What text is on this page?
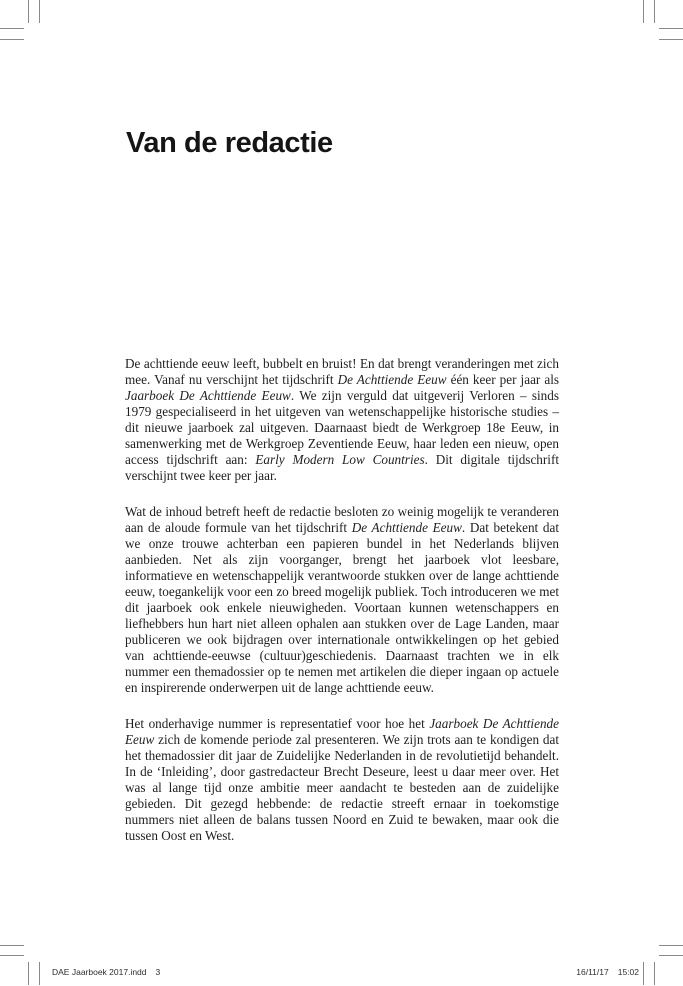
Van de redactie

De achttiende eeuw leeft, bubbelt en bruist! En dat brengt veranderingen met zich mee. Vanaf nu verschijnt het tijdschrift De Achttiende Eeuw één keer per jaar als Jaarboek De Achttiende Eeuw. We zijn verguld dat uitgeverij Verloren – sinds 1979 gespecialiseerd in het uitgeven van wetenschappelijke historische studies – dit nieuwe jaarboek zal uitgeven. Daarnaast biedt de Werkgroep 18e Eeuw, in samenwerking met de Werkgroep Zeventiende Eeuw, haar leden een nieuw, open access tijdschrift aan: Early Modern Low Countries. Dit digitale tijdschrift verschijnt twee keer per jaar.

Wat de inhoud betreft heeft de redactie besloten zo weinig mogelijk te veranderen aan de aloude formule van het tijdschrift De Achttiende Eeuw. Dat betekent dat we onze trouwe achterban een papieren bundel in het Nederlands blijven aanbieden. Net als zijn voorganger, brengt het jaarboek vlot leesbare, informatieve en wetenschappelijk verantwoorde stukken over de lange achttiende eeuw, toegankelijk voor een zo breed mogelijk publiek. Toch introduceren we met dit jaarboek ook enkele nieuwigheden. Voortaan kunnen wetenschappers en liefhebbers hun hart niet alleen ophalen aan stukken over de Lage Landen, maar publiceren we ook bijdragen over internationale ontwikkelingen op het gebied van achttiende-eeuwse (cultuur)geschiedenis. Daarnaast trachten we in elk nummer een themadossier op te nemen met artikelen die dieper ingaan op actuele en inspirerende onderwerpen uit de lange achttiende eeuw.

Het onderhavige nummer is representatief voor hoe het Jaarboek De Achttiende Eeuw zich de komende periode zal presenteren. We zijn trots aan te kondigen dat het themadossier dit jaar de Zuidelijke Nederlanden in de revolutietijd behandelt. In de ‘Inleiding’, door gastredacteur Brecht Deseure, leest u daar meer over. Het was al lange tijd onze ambitie meer aandacht te besteden aan de zuidelijke gebieden. Dit gezegd hebbende: de redactie streeft ernaar in toekomstige nummers niet alleen de balans tussen Noord en Zuid te bewaken, maar ook die tussen Oost en West.

DAE Jaarboek 2017.indd 3	16/11/17 15:02
